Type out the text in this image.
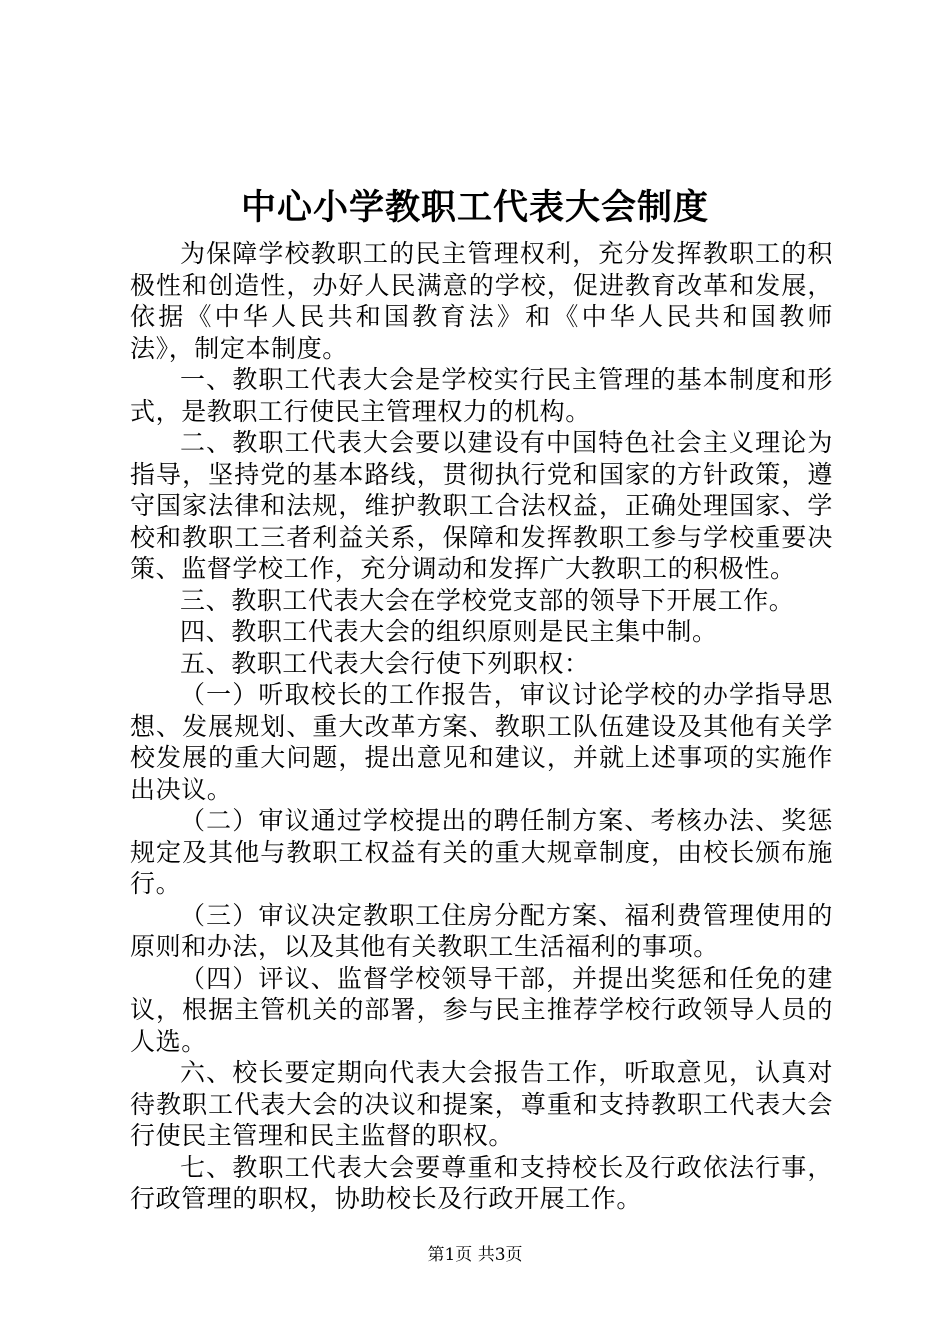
中心小学教职工代表大会制度

为保障学校教职工的民主管理权利，充分发挥教职工的积极性和创造性，办好人民满意的学校，促进教育改革和发展，依据《中华人民共和国教育法》和《中华人民共和国教师法》，制定本制度。

一、教职工代表大会是学校实行民主管理的基本制度和形式，是教职工行使民主管理权力的机构。

二、教职工代表大会要以建设有中国特色社会主义理论为指导，坚持党的基本路线，贯彻执行党和国家的方针政策，遵守国家法律和法规，维护教职工合法权益，正确处理国家、学校和教职工三者利益关系，保障和发挥教职工参与学校重要决策、监督学校工作，充分调动和发挥广大教职工的积极性。

三、教职工代表大会在学校党支部的领导下开展工作。

四、教职工代表大会的组织原则是民主集中制。

五、教职工代表大会行使下列职权：

（一）听取校长的工作报告，审议讨论学校的办学指导思想、发展规划、重大改革方案、教职工队伍建设及其他有关学校发展的重大问题，提出意见和建议，并就上述事项的实施作出决议。

（二）审议通过学校提出的聘任制方案、考核办法、奖惩规定及其他与教职工权益有关的重大规章制度，由校长颁布施行。

（三）审议决定教职工住房分配方案、福利费管理使用的原则和办法，以及其他有关教职工生活福利的事项。

（四）评议、监督学校领导干部，并提出奖惩和任免的建议，根据主管机关的部署，参与民主推荐学校行政领导人员的人选。

六、校长要定期向代表大会报告工作，听取意见，认真对待教职工代表大会的决议和提案，尊重和支持教职工代表大会行使民主管理和民主监督的职权。

七、教职工代表大会要尊重和支持校长及行政依法行事，行政管理的职权，协助校长及行政开展工作。

第1页 共3页
